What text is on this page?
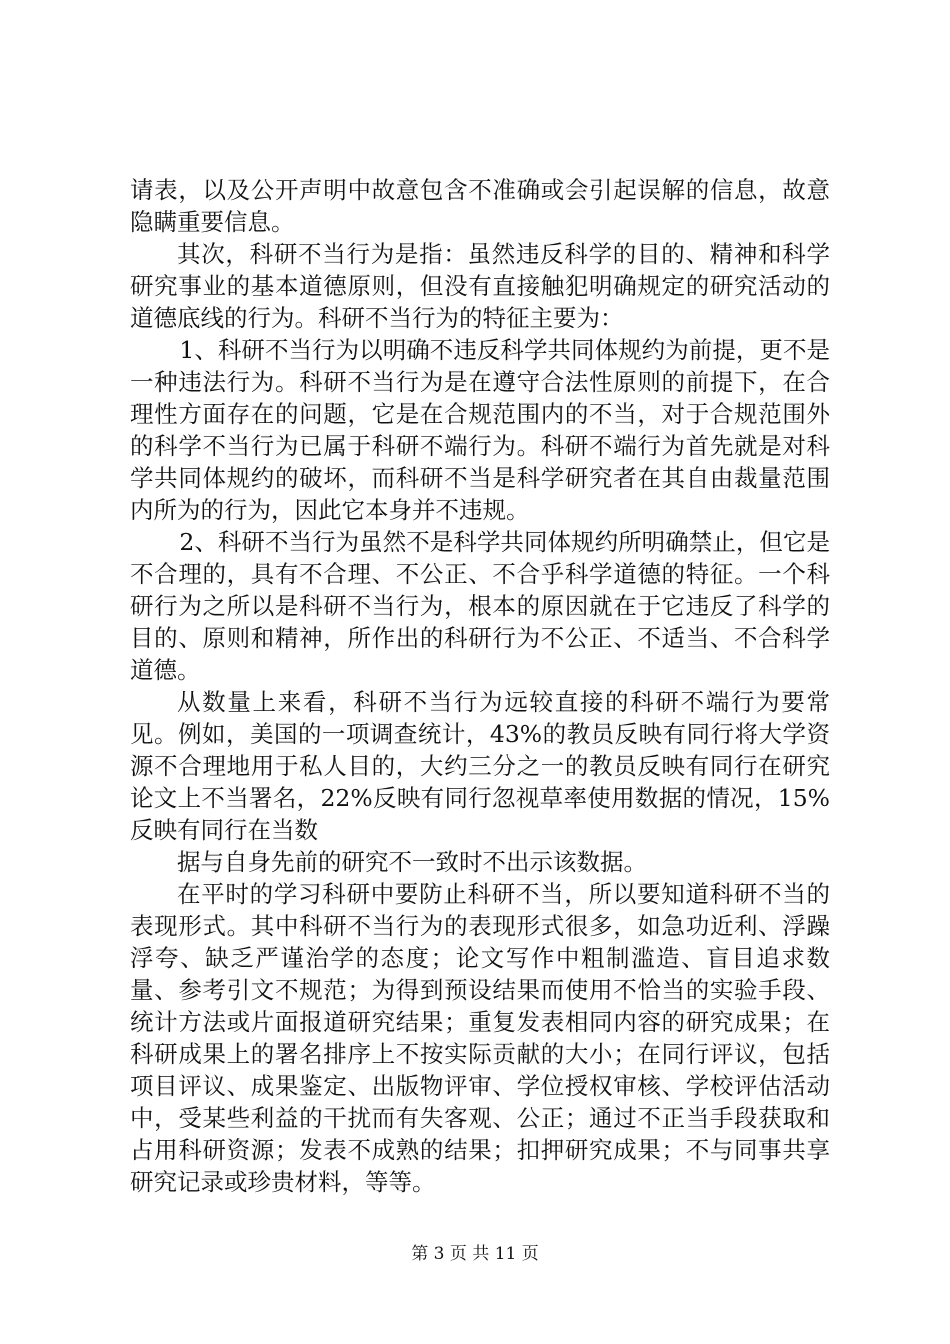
请表，以及公开声明中故意包含不准确或会引起误解的信息，故意隐瞒重要信息。

其次，科研不当行为是指：虽然违反科学的目的、精神和科学研究事业的基本道德原则，但没有直接触犯明确规定的研究活动的道德底线的行为。科研不当行为的特征主要为：

1、科研不当行为以明确不违反科学共同体规约为前提，更不是一种违法行为。科研不当行为是在遵守合法性原则的前提下，在合理性方面存在的问题，它是在合规范围内的不当，对于合规范围外的科学不当行为已属于科研不端行为。科研不端行为首先就是对科学共同体规约的破坏，而科研不当是科学研究者在其自由裁量范围内所为的行为，因此它本身并不违规。

2、科研不当行为虽然不是科学共同体规约所明确禁止，但它是不合理的，具有不合理、不公正、不合乎科学道德的特征。一个科研行为之所以是科研不当行为，根本的原因就在于它违反了科学的目的、原则和精神，所作出的科研行为不公正、不适当、不合科学道德。

从数量上来看，科研不当行为远较直接的科研不端行为要常见。例如，美国的一项调查统计，43%的教员反映有同行将大学资源不合理地用于私人目的，大约三分之一的教员反映有同行在研究论文上不当署名，22%反映有同行忽视草率使用数据的情况，15%反映有同行在当数

据与自身先前的研究不一致时不出示该数据。

在平时的学习科研中要防止科研不当，所以要知道科研不当的表现形式。其中科研不当行为的表现形式很多，如急功近利、浮躁浮夸、缺乏严谨治学的态度；论文写作中粗制滥造、盲目追求数量、参考引文不规范；为得到预设结果而使用不恰当的实验手段、统计方法或片面报道研究结果；重复发表相同内容的研究成果；在科研成果上的署名排序上不按实际贡献的大小；在同行评议，包括项目评议、成果鉴定、出版物评审、学位授权审核、学校评估活动中，受某些利益的干扰而有失客观、公正；通过不正当手段获取和占用科研资源；发表不成熟的结果；扣押研究成果；不与同事共享研究记录或珍贵材料，等等。

第 3 页 共 11 页
